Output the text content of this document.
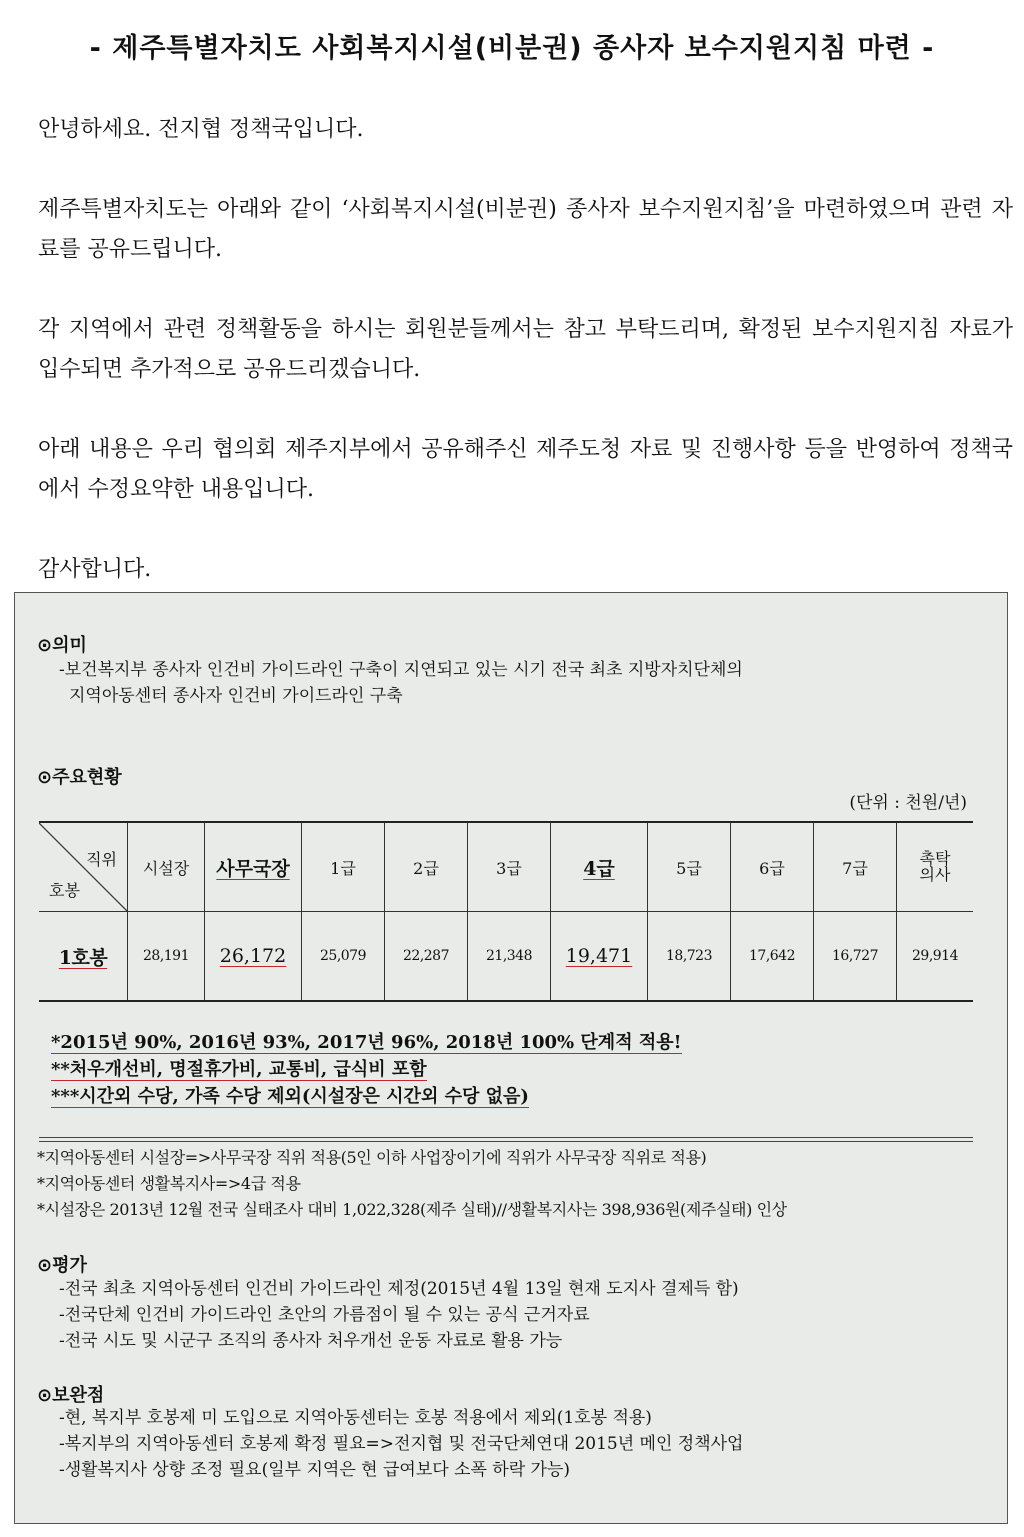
- 제주특별자치도 사회복지시설(비분권) 종사자 보수지원지침 마련 -

안녕하세요. 전지협 정책국입니다.

제주특별자치도는 아래와 같이 ‘사회복지시설(비분권) 종사자 보수지원지침’을 마련하였으며 관련 자료를 공유드립니다.

각 지역에서 관련 정책활동을 하시는 회원분들께서는 참고 부탁드리며, 확정된 보수지원지침 자료가 입수되면 추가적으로 공유드리겠습니다.

아래 내용은 우리 협의회 제주지부에서 공유해주신 제주도청 자료 및 진행사항 등을 반영하여 정책국에서 수정요약한 내용입니다.

감사합니다.

⊙의미

-보건복지부 종사자 인건비 가이드라인 구축이 지연되고 있는 시기 전국 최초 지방자치단체의

지역아동센터 종사자 인건비 가이드라인 구축

⊙주요현황

(단위 : 천원/년)
직위
호봉	시설장	사무국장	1급	2급	3급	4급	5급	6급	7급	촉탁
의사
1호봉	28,191	26,172	25,079	22,287	21,348	19,471	18,723	17,642	16,727	29,914

*2015년 90%, 2016년 93%, 2017년 96%, 2018년 100% 단계적 적용!

**처우개선비, 명절휴가비, 교통비, 급식비 포함

***시간외 수당, 가족 수당 제외(시설장은 시간외 수당 없음)

*지역아동센터 시설장=>사무국장 직위 적용(5인 이하 사업장이기에 직위가 사무국장 직위로 적용)

*지역아동센터 생활복지사=>4급 적용

*시설장은 2013년 12월 전국 실태조사 대비 1,022,328(제주 실태)//생활복지사는 398,936원(제주실태) 인상

⊙평가

-전국 최초 지역아동센터 인건비 가이드라인 제정(2015년 4월 13일 현재 도지사 결제득 함)

-전국단체 인건비 가이드라인 초안의 가름점이 될 수 있는 공식 근거자료

-전국 시도 및 시군구 조직의 종사자 처우개선 운동 자료로 활용 가능

⊙보완점

-현, 복지부 호봉제 미 도입으로 지역아동센터는 호봉 적용에서 제외(1호봉 적용)

-복지부의 지역아동센터 호봉제 확정 필요=>전지협 및 전국단체연대 2015년 메인 정책사업

-생활복지사 상향 조정 필요(일부 지역은 현 급여보다 소폭 하락 가능)
